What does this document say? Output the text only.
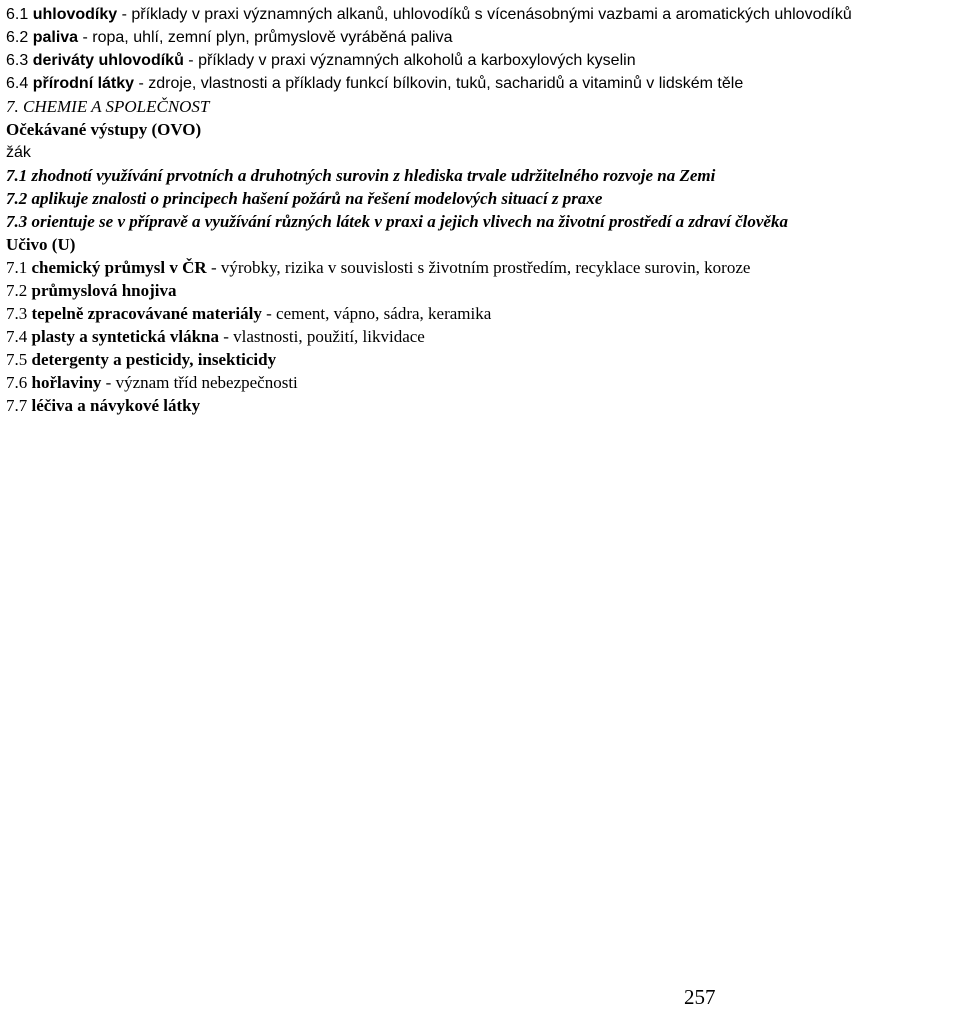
6.1 uhlovodíky - příklady v praxi významných alkanů, uhlovodíků s vícenásobnými vazbami a aromatických uhlovodíků
6.2 paliva - ropa, uhlí, zemní plyn, průmyslově vyráběná paliva
6.3 deriváty uhlovodíků - příklady v praxi významných alkoholů a karboxylových kyselin
6.4 přírodní látky - zdroje, vlastnosti a příklady funkcí bílkovin, tuků, sacharidů a vitaminů v lidském těle
7. CHEMIE A SPOLEČNOST
Očekávané výstupy (OVO)
žák
7.1 zhodnotí využívání prvotních a druhotných surovin z hlediska trvale udržitelného rozvoje na Zemi
7.2 aplikuje znalosti o principech hašení požárů na řešení modelových situací z praxe
7.3 orientuje se v přípravě a využívání různých látek v praxi a jejich vlivech na životní prostředí a zdraví člověka
Učivo (U)
7.1 chemický průmysl v ČR - výrobky, rizika v souvislosti s životním prostředím, recyklace surovin, koroze
7.2 průmyslová hnojiva
7.3 tepelně zpracovávané materiály - cement, vápno, sádra, keramika
7.4 plasty a syntetická vlákna - vlastnosti, použití, likvidace
7.5 detergenty a pesticidy, insekticidy
7.6 hořlaviny - význam tříd nebezpečnosti
7.7 léčiva a návykové látky
257
